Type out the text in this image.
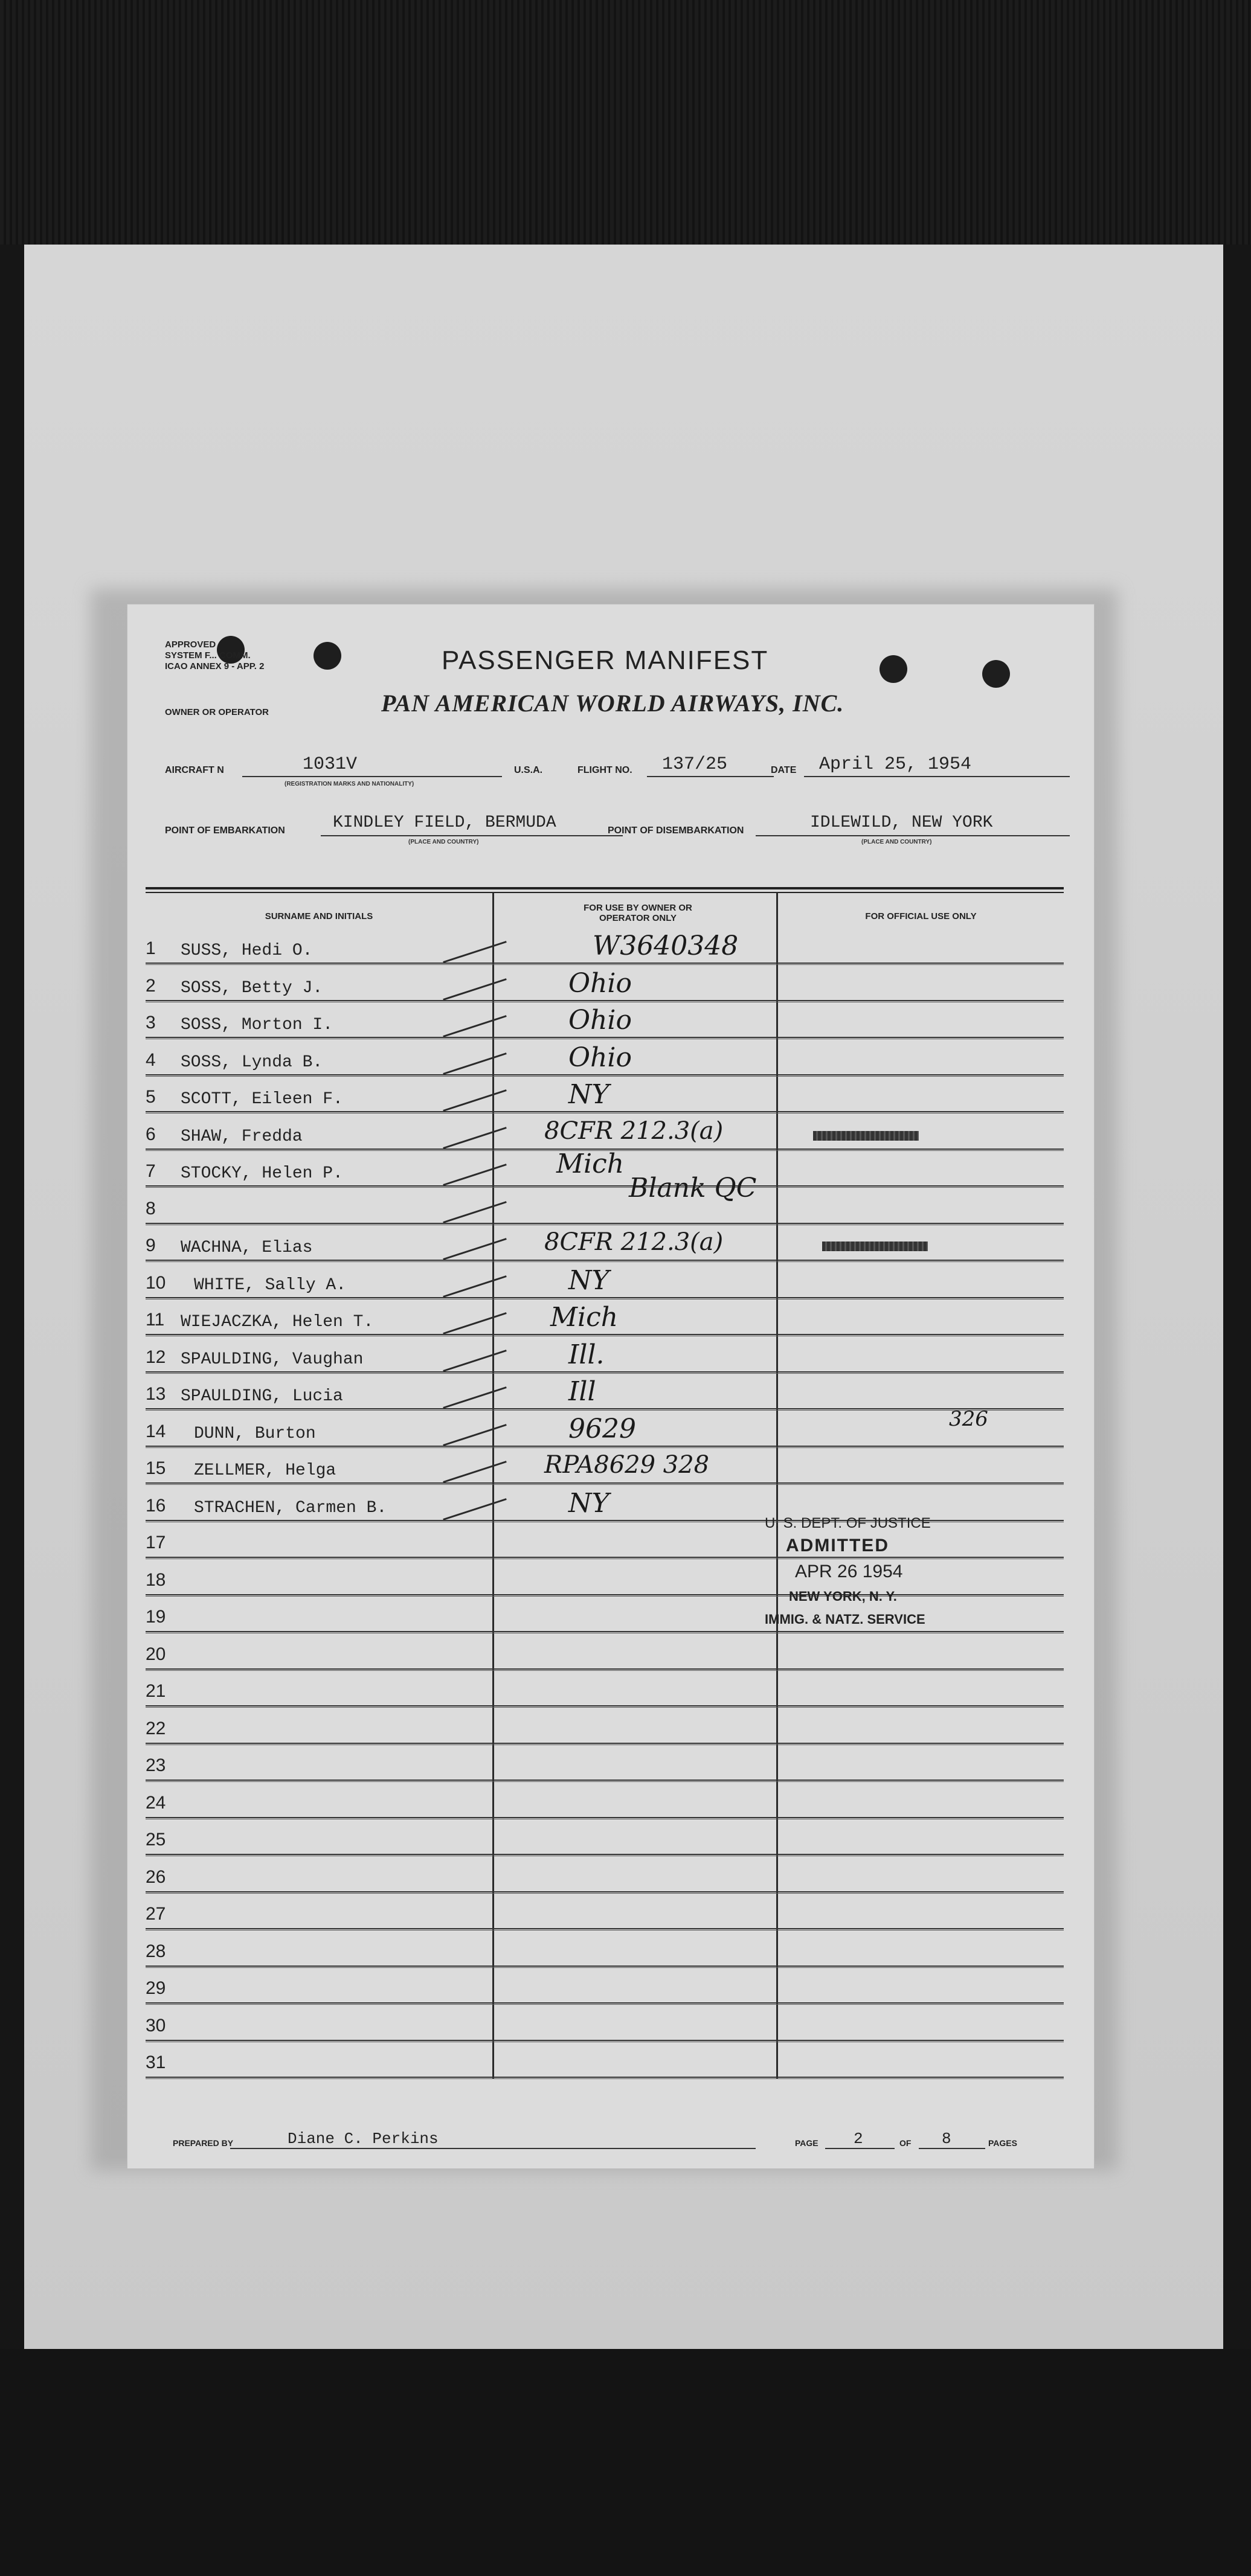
APPROVED
SYSTEM F... COMM.
ICAO ANNEX 9 - APP. 2
OWNER OR OPERATOR
PASSENGER MANIFEST
PAN AMERICAN WORLD AIRWAYS, INC.
AIRCRAFT N	1031V
(REGISTRATION MARKS AND NATIONALITY)
U.S.A.	FLIGHT NO. 137/25	DATE April 25, 1954
POINT OF EMBARKATION	KINDLEY FIELD, BERMUDA
(PLACE AND COUNTRY)
POINT OF DISEMBARKATION	IDLEWILD, NEW YORK
(PLACE AND COUNTRY)
SURNAME AND INITIALS
FOR USE BY OWNER OR OPERATOR ONLY	FOR OFFICIAL USE ONLY
1 SUSS, Hedi O.	W3640348
2 SOSS, Betty J.	Ohio
3 SOSS, Morton I.	Ohio
4 SOSS, Lynda B.	Ohio
5 SCOTT, Eileen F.	NY
6 SHAW, Fredda	8CFR 212.3(a)
7 STOCKY, Helen P.	Mich
8
Blank QC
9 WACHNA, Elias	8CFR 212.3(a)
10 WHITE, Sally A.	NY
11 WIEJACZKA, Helen T.	Mich
12 SPAULDING, Vaughan	Ill.
13 SPAULDING, Lucia	Ill
14 DUNN, Burton	9629	326
15 ZELLMER, Helga	RPA8629 328
16 STRACHEN, Carmen B.	NY
17
18
19
20
21
22
23
24
25
26
27
28
29
30
31
U. S. DEPT. OF JUSTICE
ADMITTED
APR 26 1954
NEW YORK, N. Y.
IMMIG. & NATZ. SERVICE
PREPARED BY	Diane C. Perkins	PAGE 2	OF 8	PAGES
